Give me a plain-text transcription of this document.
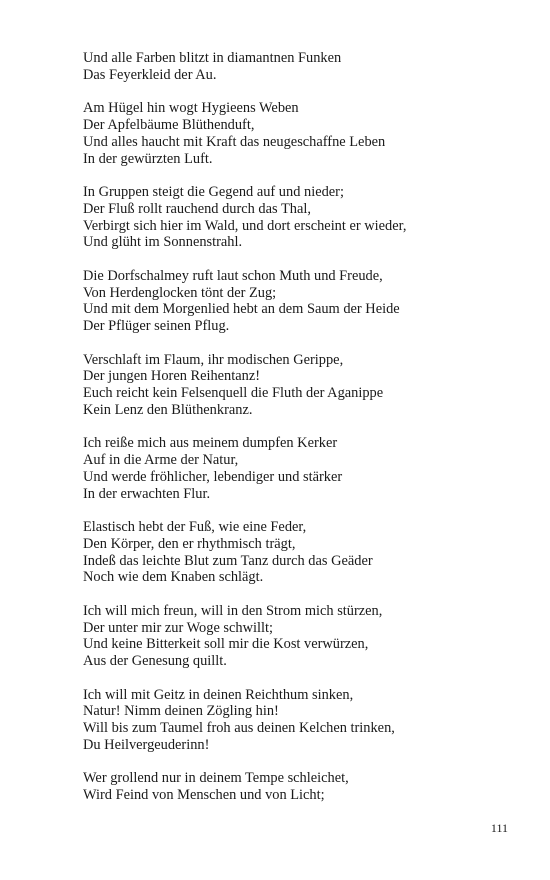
Und alle Farben blitzt in diamantnen Funken
Das Feyerkleid der Au.
Am Hügel hin wogt Hygieens Weben
Der Apfelbäume Blüthenduft,
Und alles haucht mit Kraft das neugeschaffne Leben
In der gewürzten Luft.
In Gruppen steigt die Gegend auf und nieder;
Der Fluß rollt rauchend durch das Thal,
Verbirgt sich hier im Wald, und dort erscheint er wieder,
Und glüht im Sonnenstrahl.
Die Dorfschalmey ruft laut schon Muth und Freude,
Von Herdenglocken tönt der Zug;
Und mit dem Morgenlied hebt an dem Saum der Heide
Der Pflüger seinen Pflug.
Verschlaft im Flaum, ihr modischen Gerippe,
Der jungen Horen Reihentanz!
Euch reicht kein Felsenquell die Fluth der Aganippe
Kein Lenz den Blüthenkranz.
Ich reiße mich aus meinem dumpfen Kerker
Auf in die Arme der Natur,
Und werde fröhlicher, lebendiger und stärker
In der erwachten Flur.
Elastisch hebt der Fuß, wie eine Feder,
Den Körper, den er rhythmisch trägt,
Indeß das leichte Blut zum Tanz durch das Geäder
Noch wie dem Knaben schlägt.
Ich will mich freun, will in den Strom mich stürzen,
Der unter mir zur Woge schwillt;
Und keine Bitterkeit soll mir die Kost verwürzen,
Aus der Genesung quillt.
Ich will mit Geitz in deinen Reichthum sinken,
Natur! Nimm deinen Zögling hin!
Will bis zum Taumel froh aus deinen Kelchen trinken,
Du Heilvergeuderinn!
Wer grollend nur in deinem Tempe schleichet,
Wird Feind von Menschen und von Licht;
111
